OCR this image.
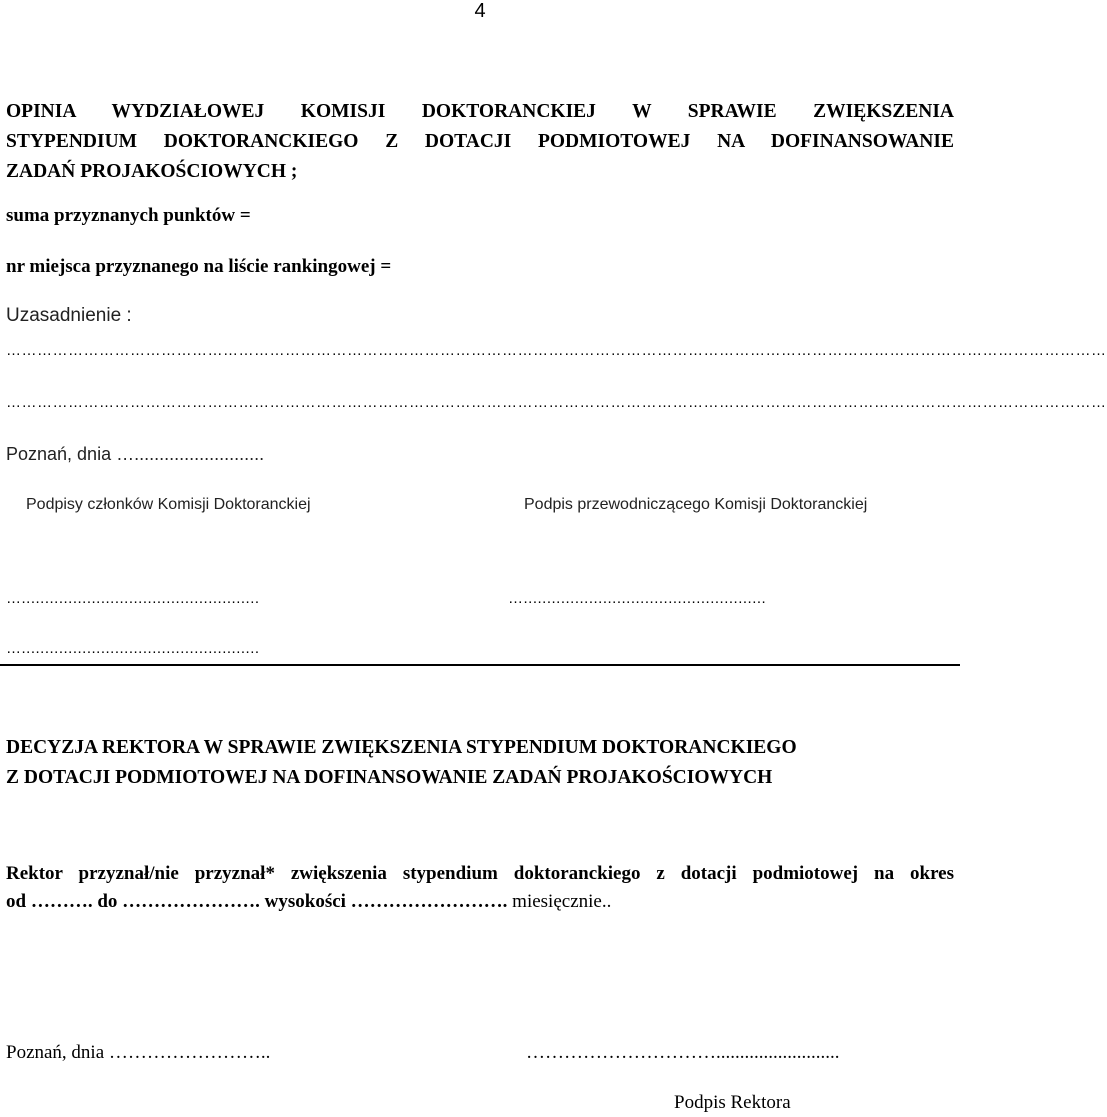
4
OPINIA WYDZIAŁOWEJ KOMISJI DOKTORANCKIEJ W SPRAWIE ZWIĘKSZENIA
STYPENDIUM DOKTORANCKIEGO Z DOTACJI PODMIOTOWEJ NA DOFINANSOWANIE
ZADAŃ PROJAKOŚCIOWYCH ;
suma przyznanych punktów =
nr miejsca przyznanego na liście rankingowej =
Uzasadnienie :
……………………………………………………………………………………………………………………………………………………………………………………………
……………………………………………………………………………………………………………………………………………………………………………………………
Poznań, dnia …..........................
Podpisy członków Komisji Doktoranckiej	Podpis przewodniczącego Komisji Doktoranckiej
…...................................................	…....................................................
…...................................................
DECYZJA REKTORA W SPRAWIE ZWIĘKSZENIA STYPENDIUM DOKTORANCKIEGO
Z DOTACJI PODMIOTOWEJ NA DOFINANSOWANIE ZADAŃ PROJAKOŚCIOWYCH
Rektor przyznał/nie przyznał* zwiększenia stypendium doktoranckiego z dotacji podmiotowej na okres
od ………. do …………………. wysokości ……………………. miesięcznie..
Poznań, dnia ……………………..	…………………………..........................
Podpis Rektora
